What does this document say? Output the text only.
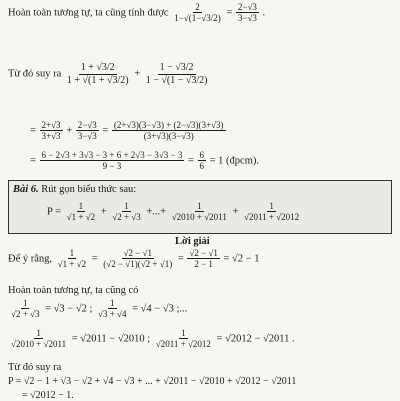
Hoàn toàn tương tự, ta cũng tính được $\frac{2}{1-√(1-√3/2)} = \frac{2-√3}{3-√3}$ .
Từ đó suy ra $\frac{1 + √3/2}{1 + √(1 + √3/2)} + \frac{1 - √3/2}{1 - √(1 - √3/2)}$
= $\frac{2+√3}{3+√3} + \frac{2-√3}{3-√3} = \frac{(2+√3)(3-√3) + (2-√3)(3+√3)}{(3+√3)(3-√3)}$
= $\frac{6 - 2√3 + 3√3 - 3 + 6 + 2√3 - 3√3 - 3}{9 - 3} = \frac{6}{6} = 1$ (đpcm).
Bài 6. Rút gọn biểu thức sau:
$P = \frac{1}{√1 + √2} + \frac{1}{√2 + √3}$ +...+ $\frac{1}{√2010 + √2011} + \frac{1}{√2011 + √2012}$
Lời giải
Để ý rằng, $\frac{1}{√1 + √2} = \frac{√2 - √1}{(√2 - √1)(√2 + √1)} = \frac{√2 - √1}{2 - 1} = √2 - 1$
Hoàn toàn tương tự, ta cũng có
$\frac{1}{√2 + √3} = √3 - √2$ ; $\frac{1}{√3 + √4} = √4 - √3$ ;...
$\frac{1}{√2010 + √2011} = √2011 - √2010$ ; $\frac{1}{√2011 + √2012} = √2012 - √2011$ .
Từ đó suy ra
P = √2 − 1 + √3 − √2 + √4 − √3 + ... + √2011 − √2010 + √2012 − √2011
= √2012 − 1.
